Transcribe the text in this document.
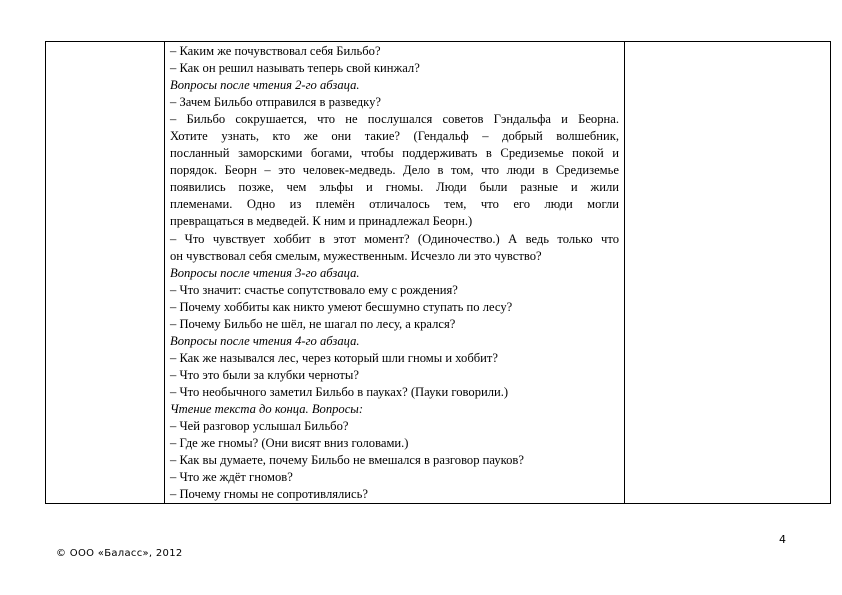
– Каким же почувствовал себя Бильбо?
– Как он решил называть теперь свой кинжал?
Вопросы после чтения 2-го абзаца.
– Зачем Бильбо отправился в разведку?
– Бильбо сокрушается, что не послушался советов Гэндальфа и Беорна.
Хотите узнать, кто же они такие? (Гендальф – добрый волшебник,
посланный заморскими богами, чтобы поддерживать в Средиземье покой и
порядок. Беорн – это человек-медведь. Дело в том, что люди в Средиземье
появились позже, чем эльфы и гномы. Люди были разные и жили
племенами. Одно из племён отличалось тем, что его люди могли
превращаться в медведей. К ним и принадлежал Беорн.)
– Что чувствует хоббит в этот момент? (Одиночество.) А ведь только что
он чувствовал себя смелым, мужественным. Исчезло ли это чувство?
Вопросы после чтения 3-го абзаца.
– Что значит: счастье сопутствовало ему с рождения?
– Почему хоббиты как никто умеют бесшумно ступать по лесу?
– Почему Бильбо не шёл, не шагал по лесу, а крался?
Вопросы после чтения 4-го абзаца.
– Как же назывался лес, через который шли гномы и хоббит?
– Что это были за клубки черноты?
– Что необычного заметил Бильбо в пауках? (Пауки говорили.)
Чтение текста до конца. Вопросы:
– Чей разговор услышал Бильбо?
– Где же гномы? (Они висят вниз головами.)
– Как вы думаете, почему Бильбо не вмешался в разговор пауков?
– Что же ждёт гномов?
– Почему гномы не сопротивлялись?

4
© ООО «Баласс», 2012
